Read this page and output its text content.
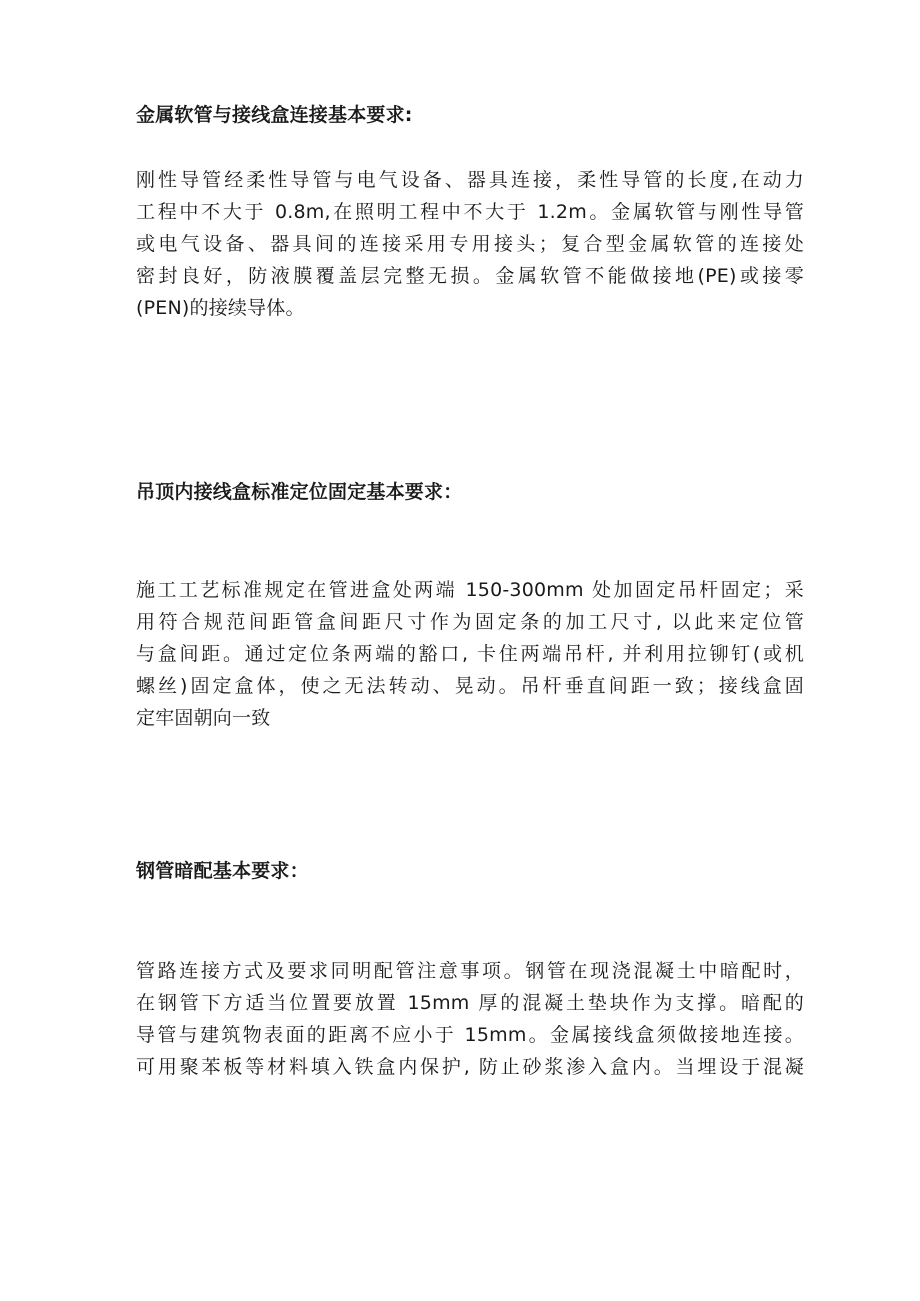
金属软管与接线盒连接基本要求:
刚性导管经柔性导管与电气设备、器具连接，柔性导管的长度,在动力
工程中不大于 0.8m,在照明工程中不大于 1.2m。金属软管与刚性导管
或电气设备、器具间的连接采用专用接头；复合型金属软管的连接处
密封良好，防液膜覆盖层完整无损。金属软管不能做接地(PE)或接零
(PEN)的接续导体。
吊顶内接线盒标准定位固定基本要求：
施工工艺标准规定在管进盒处两端 150-300mm 处加固定吊杆固定；采
用符合规范间距管盒间距尺寸作为固定条的加工尺寸, 以此来定位管
与盒间距。通过定位条两端的豁口, 卡住两端吊杆, 并利用拉铆钉(或机
螺丝)固定盒体，使之无法转动、晃动。吊杆垂直间距一致；接线盒固
定牢固朝向一致
钢管暗配基本要求：
管路连接方式及要求同明配管注意事项。钢管在现浇混凝土中暗配时，
在钢管下方适当位置要放置 15mm 厚的混凝土垫块作为支撑。暗配的
导管与建筑物表面的距离不应小于 15mm。金属接线盒须做接地连接。
可用聚苯板等材料填入铁盒内保护, 防止砂浆渗入盒内。当埋设于混凝
